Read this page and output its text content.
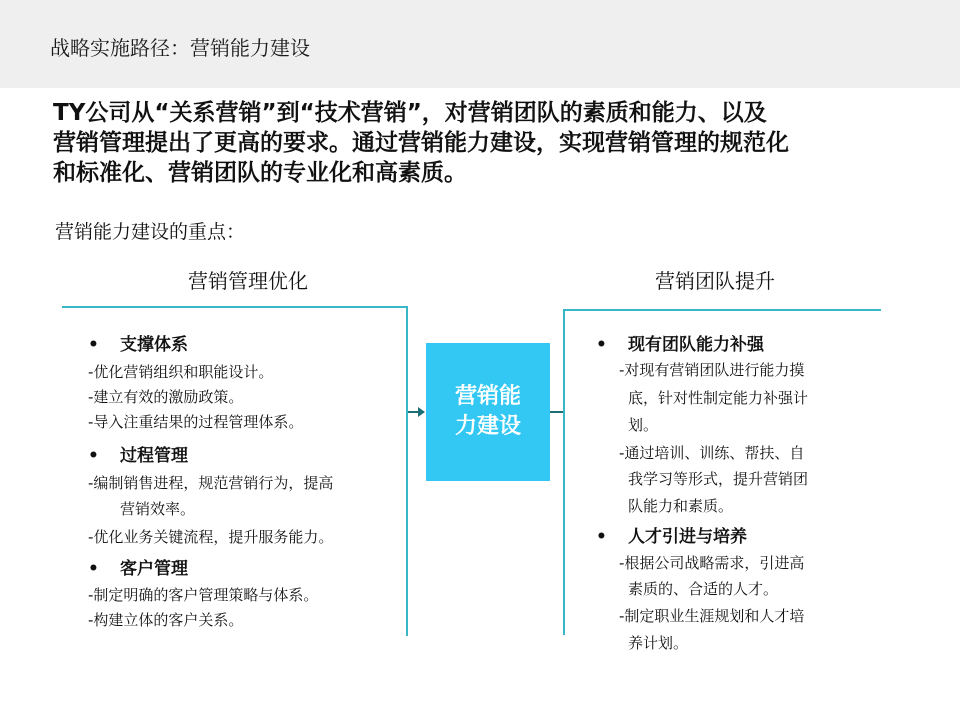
战略实施路径：营销能力建设
TY公司从“关系营销”到“技术营销”，对营销团队的素质和能力、以及
营销管理提出了更高的要求。通过营销能力建设，实现营销管理的规范化
和标准化、营销团队的专业化和高素质。
营销能力建设的重点：
营销管理优化	营销团队提升
营销能
力建设
• 支撑体系
-优化营销组织和职能设计。
-建立有效的激励政策。
-导入注重结果的过程管理体系。
• 过程管理
-编制销售进程，规范营销行为，提高
营销效率。
-优化业务关键流程，提升服务能力。
• 客户管理
-制定明确的客户管理策略与体系。
-构建立体的客户关系。
• 现有团队能力补强
-对现有营销团队进行能力摸
底，针对性制定能力补强计
划。
-通过培训、训练、帮扶、自
我学习等形式，提升营销团
队能力和素质。
• 人才引进与培养
-根据公司战略需求，引进高
素质的、合适的人才。
-制定职业生涯规划和人才培
养计划。
